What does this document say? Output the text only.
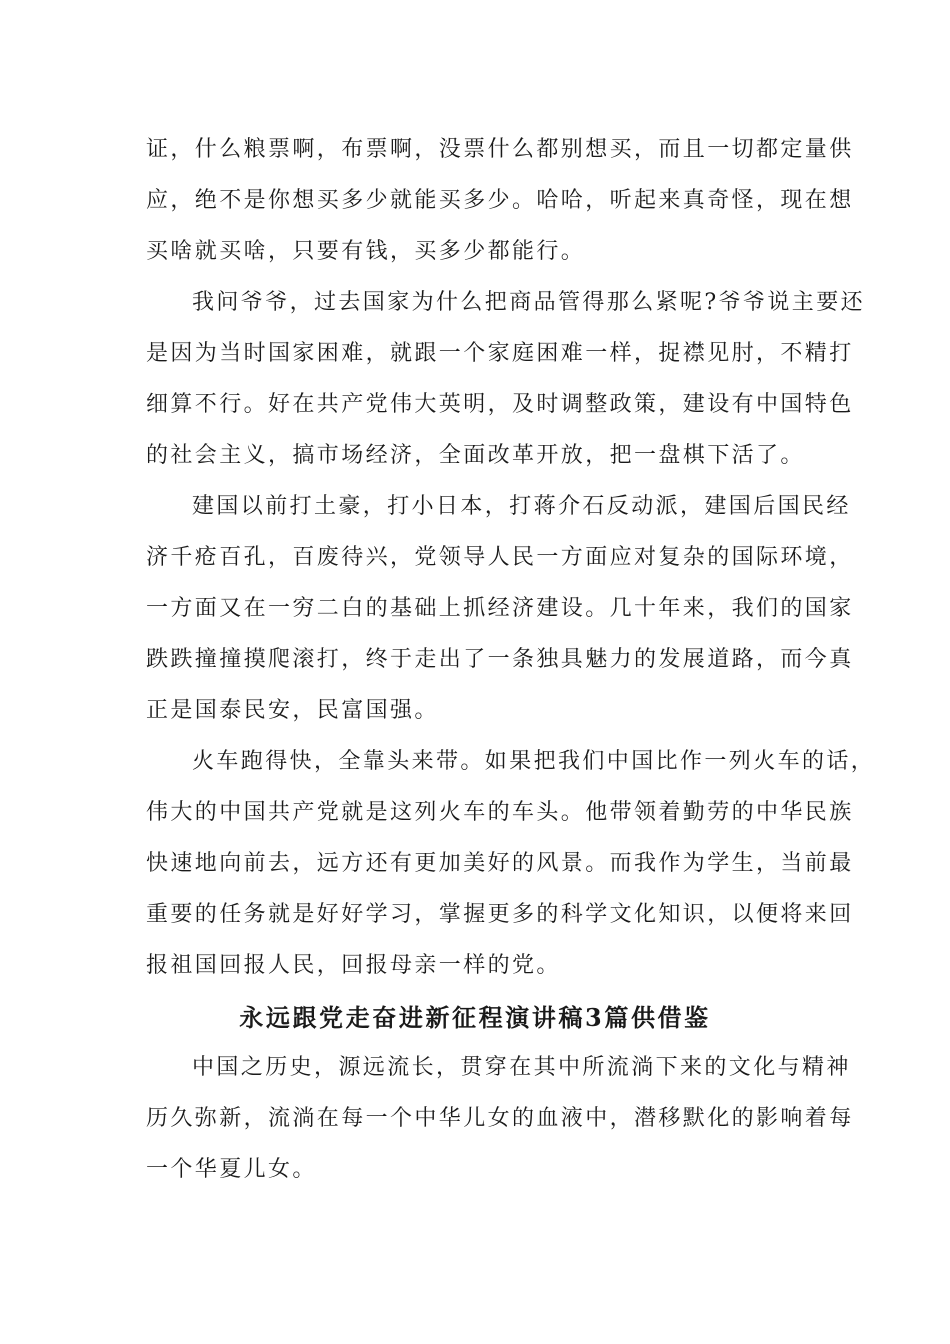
证，什么粮票啊，布票啊，没票什么都别想买，而且一切都定量供
应，绝不是你想买多少就能买多少。哈哈，听起来真奇怪，现在想
买啥就买啥，只要有钱，买多少都能行。
我问爷爷，过去国家为什么把商品管得那么紧呢?爷爷说主要还
是因为当时国家困难，就跟一个家庭困难一样，捉襟见肘，不精打
细算不行。好在共产党伟大英明，及时调整政策，建设有中国特色
的社会主义，搞市场经济，全面改革开放，把一盘棋下活了。
建国以前打土豪，打小日本，打蒋介石反动派，建国后国民经
济千疮百孔，百废待兴，党领导人民一方面应对复杂的国际环境，
一方面又在一穷二白的基础上抓经济建设。几十年来，我们的国家
跌跌撞撞摸爬滚打，终于走出了一条独具魅力的发展道路，而今真
正是国泰民安，民富国强。
火车跑得快，全靠头来带。如果把我们中国比作一列火车的话，
伟大的中国共产党就是这列火车的车头。他带领着勤劳的中华民族
快速地向前去，远方还有更加美好的风景。而我作为学生，当前最
重要的任务就是好好学习，掌握更多的科学文化知识，以便将来回
报祖国回报人民，回报母亲一样的党。
永远跟党走奋进新征程演讲稿3篇供借鉴
中国之历史，源远流长，贯穿在其中所流淌下来的文化与精神
历久弥新，流淌在每一个中华儿女的血液中，潜移默化的影响着每
一个华夏儿女。
